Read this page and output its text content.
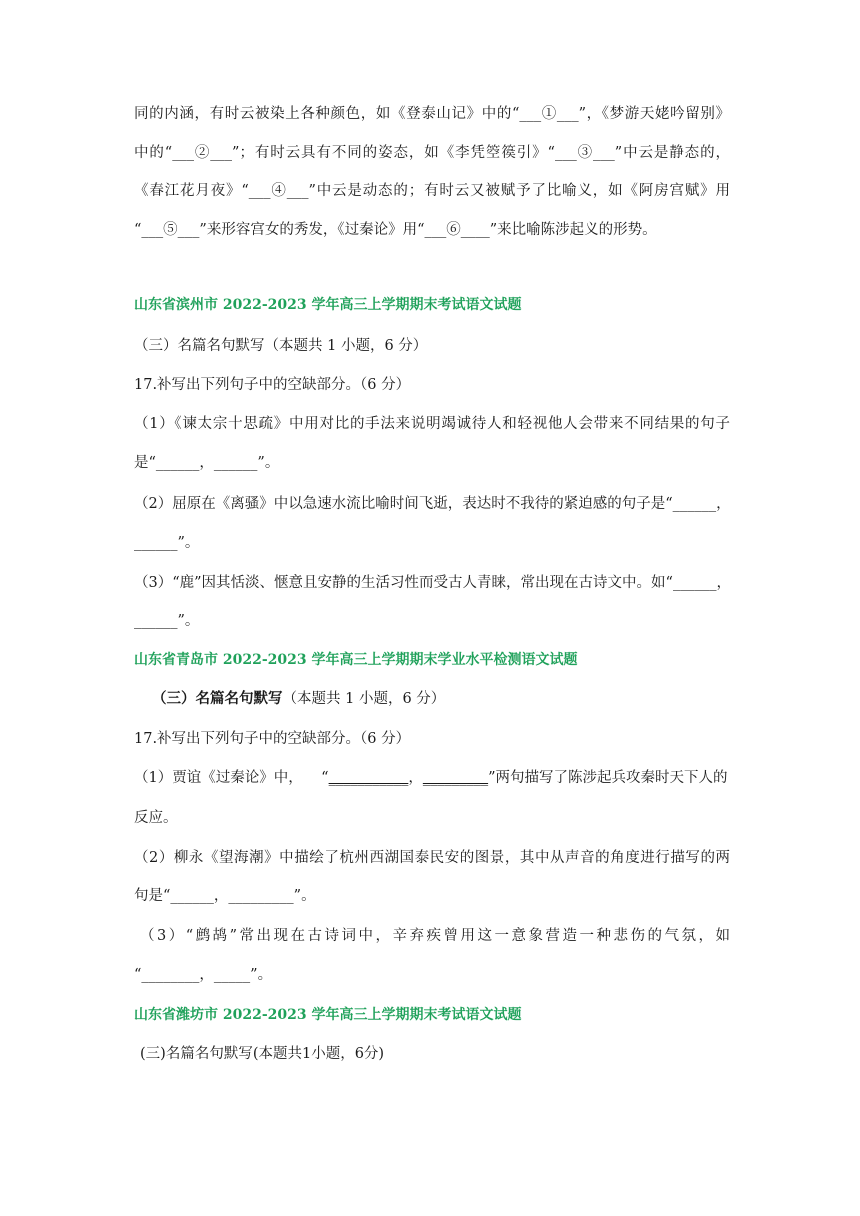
同的内涵，有时云被染上各种颜色，如《登泰山记》中的“___①___”，《梦游天姥吟留别》
中的“___②___”；有时云具有不同的姿态，如《李凭箜篌引》“___③___”中云是静态的，
《春江花月夜》“___④___”中云是动态的；有时云又被赋予了比喻义，如《阿房宫赋》用
“___⑤___”来形容宫女的秀发，《过秦论》用“___⑥____”来比喻陈涉起义的形势。
山东省滨州市 2022-2023 学年高三上学期期末考试语文试题
（三）名篇名句默写（本题共 1 小题，6 分）
17.补写出下列句子中的空缺部分。（6 分）
（1）《谏太宗十思疏》中用对比的手法来说明竭诚待人和轻视他人会带来不同结果的句子
是“______，______”。
（2）屈原在《离骚》中以急速水流比喻时间飞逝，表达时不我待的紧迫感的句子是“______，
______”。
（3）“鹿”因其恬淡、惬意且安静的生活习性而受古人青睐，常出现在古诗文中。如“______，
______”。
山东省青岛市 2022-2023 学年高三上学期期末学业水平检测语文试题
（三）名篇名句默写（本题共 1 小题，6 分）
17.补写出下列句子中的空缺部分。（6 分）
（1）贾谊《过秦论》中，    “___________，_________”两句描写了陈涉起兵攻秦时天下人的
反应。
（2）柳永《望海潮》中描绘了杭州西湖国泰民安的图景，其中从声音的角度进行描写的两
句是“______，_________”。
（3）“鹧鸪”常出现在古诗词中，辛弃疾曾用这一意象营造一种悲伤的气氛，如
“________，_____”。
山东省潍坊市 2022-2023 学年高三上学期期末考试语文试题
(三)名篇名句默写(本题共1小题，6分)
